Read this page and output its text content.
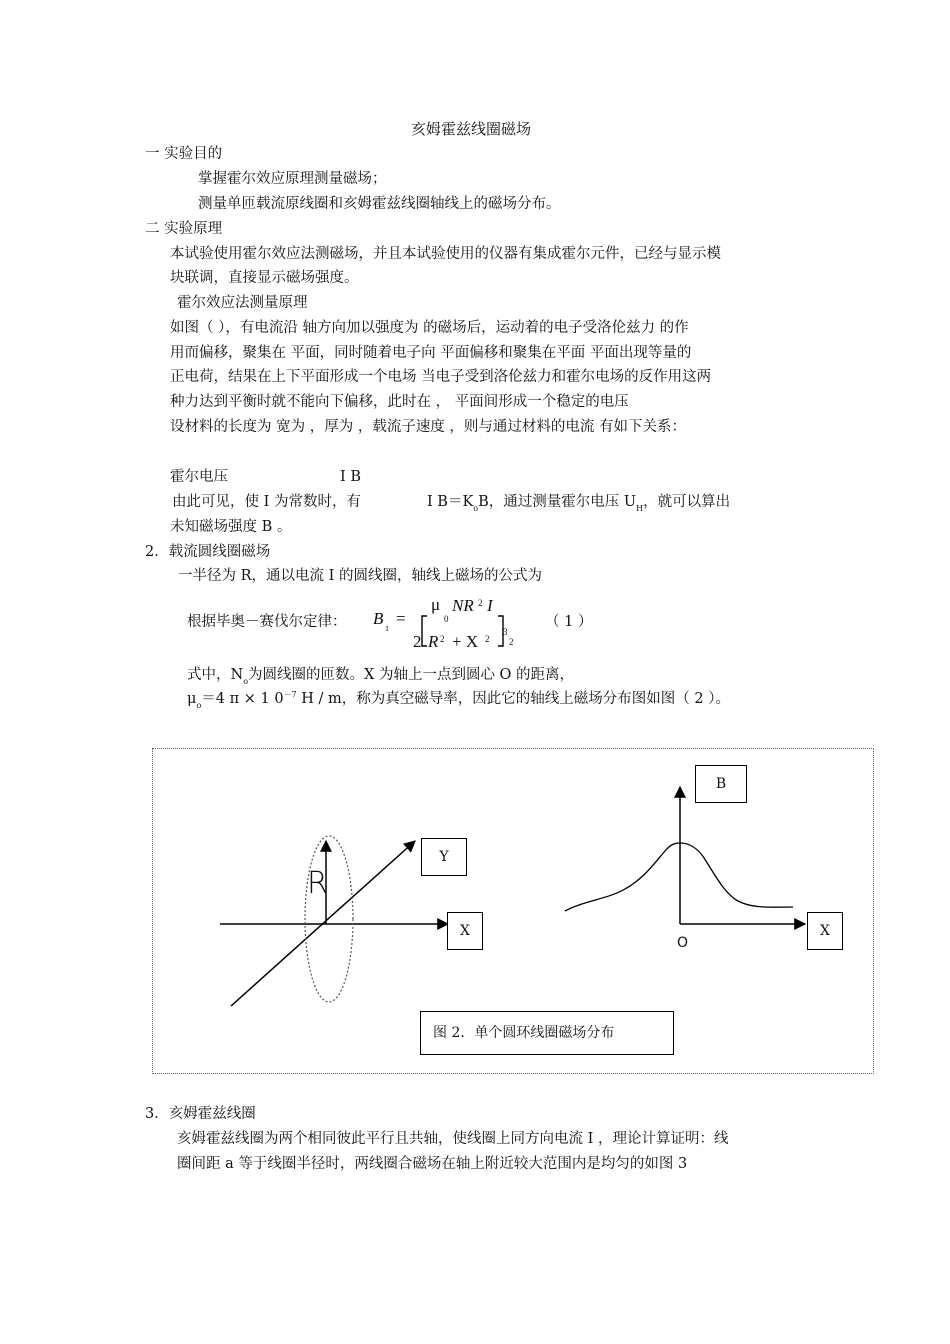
亥姆霍兹线圈磁场
一 实验目的
掌握霍尔效应原理测量磁场；
测量单匝载流原线圈和亥姆霍兹线圈轴线上的磁场分布。
二 实验原理
本试验使用霍尔效应法测磁场，并且本试验使用的仪器有集成霍尔元件，已经与显示模
块联调，直接显示磁场强度。
霍尔效应法测量原理
如图（ ），有电流沿 轴方向加以强度为 的磁场后，运动着的电子受洛伦兹力 的作
用而偏移，聚集在 平面，同时随着电子向 平面偏移和聚集在平面 平面出现等量的
正电荷，结果在上下平面形成一个电场 当电子受到洛伦兹力和霍尔电场的反作用这两
种力达到平衡时就不能向下偏移，此时在 ， 平面间形成一个稳定的电压
设材料的长度为 宽为 ，厚为 ，载流子速度 ，则与通过材料的电流 有如下关系：
霍尔电压	I B
由此可见，使 I 为常数时，有	I $B=K_oB$，通过测量霍尔电压 $U_H$，就可以算出
未知磁场强度 B 。
2．载流圆线圈磁场
一半径为 R，通以电流 I 的圆线圈，轴线上磁场的公式为
根据毕奥－赛伐尔定律： B
1
=
μ
0
NR 2 I
2 R 2 + X 2
3
2
（ 1 ）
式中，$N_o$为圆线圈的匝数。X 为轴上一点到圆心 O 的距离，
$\mu_o=4$ π × 1 $0^{-7}$ H / m，称为真空磁导率，因此它的轴线上磁场分布图如图（ 2 ）。
R
Y
X
B
X
O
图 2．单个圆环线圈磁场分布
3．亥姆霍兹线圈
亥姆霍兹线圈为两个相同彼此平行且共轴，使线圈上同方向电流 I ，理论计算证明：线
圈间距 a 等于线圈半径时，两线圈合磁场在轴上附近较大范围内是均匀的如图 3
